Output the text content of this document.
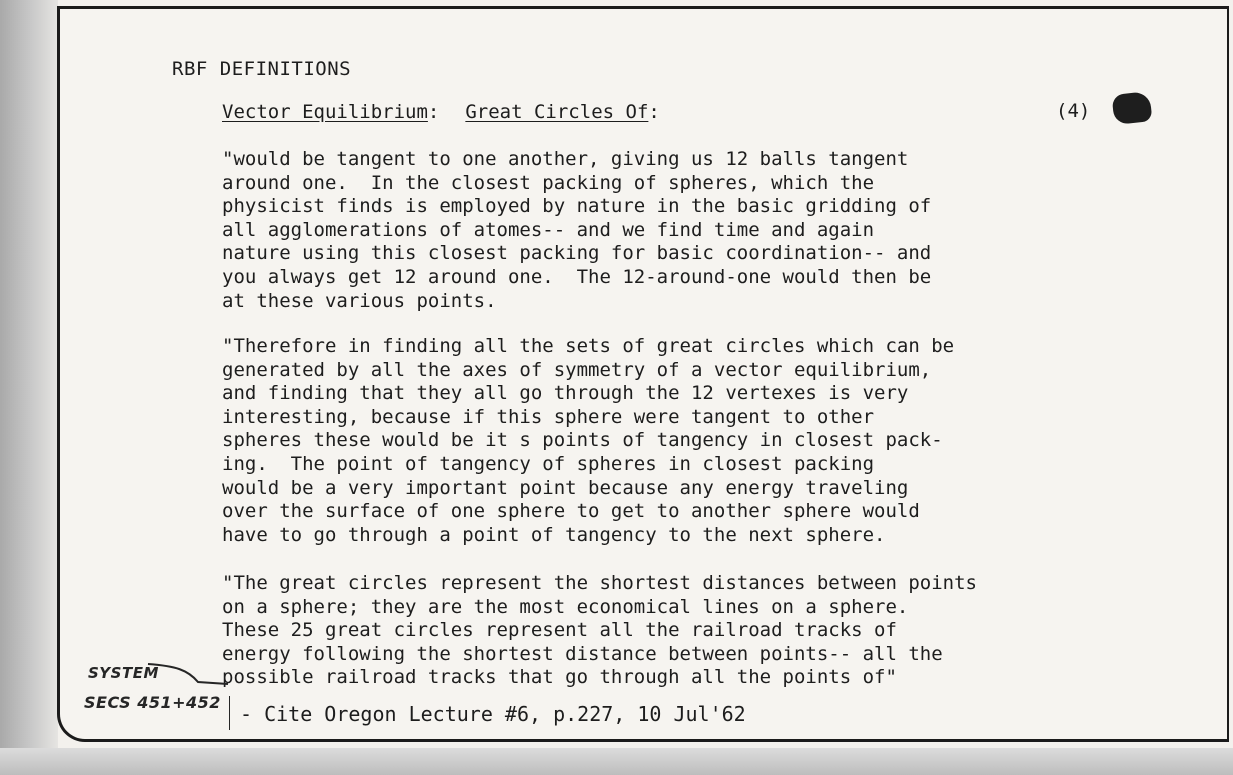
RBF DEFINITIONS
Vector Equilibrium: Great Circles Of:	(4)

"would be tangent to one another, giving us 12 balls tangent
around one.  In the closest packing of spheres, which the
physicist finds is employed by nature in the basic gridding of
all agglomerations of atomes-- and we find time and again
nature using this closest packing for basic coordination-- and
you always get 12 around one.  The 12-around-one would then be
at these various points.

"Therefore in finding all the sets of great circles which can be
generated by all the axes of symmetry of a vector equilibrium,
and finding that they all go through the 12 vertexes is very
interesting, because if this sphere were tangent to other
spheres these would be it s points of tangency in closest pack-
ing.  The point of tangency of spheres in closest packing
would be a very important point because any energy traveling
over the surface of one sphere to get to another sphere would
have to go through a point of tangency to the next sphere.

"The great circles represent the shortest distances between points
on a sphere; they are the most economical lines on a sphere.
These 25 great circles represent all the railroad tracks of
energy following the shortest distance between points-- all the
possible railroad tracks that go through all the points of"

- Cite Oregon Lecture #6, p.227, 10 Jul'62
SYSTEM
SECS 451+452
